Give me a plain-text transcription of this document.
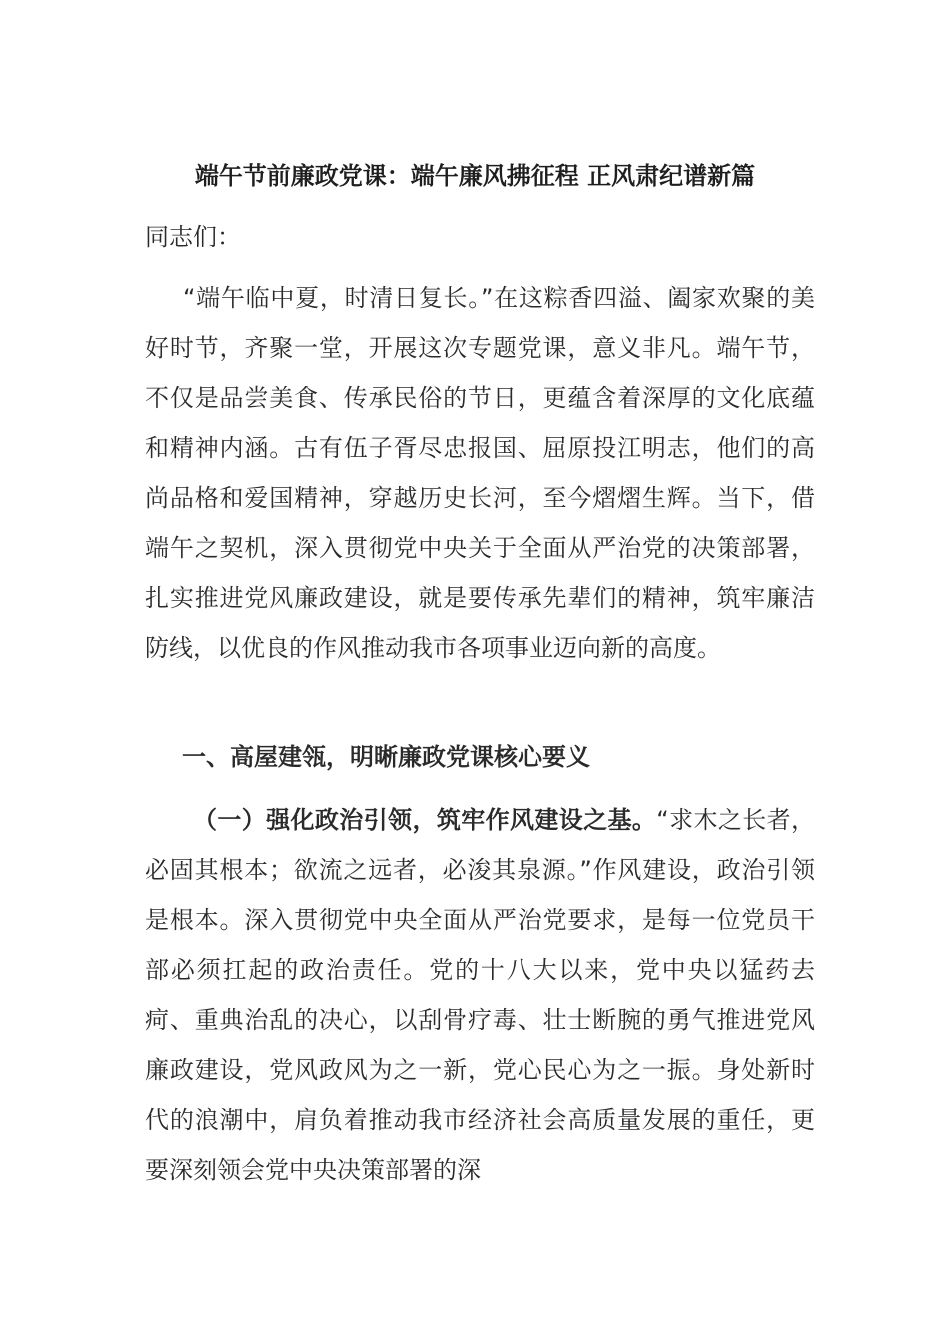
端午节前廉政党课：端午廉风拂征程 正风肃纪谱新篇
同志们：

“端午临中夏，时清日复长。”在这粽香四溢、阖家欢聚的美好时节，齐聚一堂，开展这次专题党课，意义非凡。端午节，不仅是品尝美食、传承民俗的节日，更蕴含着深厚的文化底蕴和精神内涵。古有伍子胥尽忠报国、屈原投江明志，他们的高尚品格和爱国精神，穿越历史长河，至今熠熠生辉。当下，借端午之契机，深入贯彻党中央关于全面从严治党的决策部署，扎实推进党风廉政建设，就是要传承先辈们的精神，筑牢廉洁防线，以优良的作风推动我市各项事业迈向新的高度。

一、高屋建瓴，明晰廉政党课核心要义

（一）强化政治引领，筑牢作风建设之基。“求木之长者，必固其根本；欲流之远者，必浚其泉源。”作风建设，政治引领是根本。深入贯彻党中央全面从严治党要求，是每一位党员干部必须扛起的政治责任。党的十八大以来，党中央以猛药去疴、重典治乱的决心，以刮骨疗毒、壮士断腕的勇气推进党风廉政建设，党风政风为之一新，党心民心为之一振。身处新时代的浪潮中，肩负着推动我市经济社会高质量发展的重任，更要深刻领会党中央决策部署的深
